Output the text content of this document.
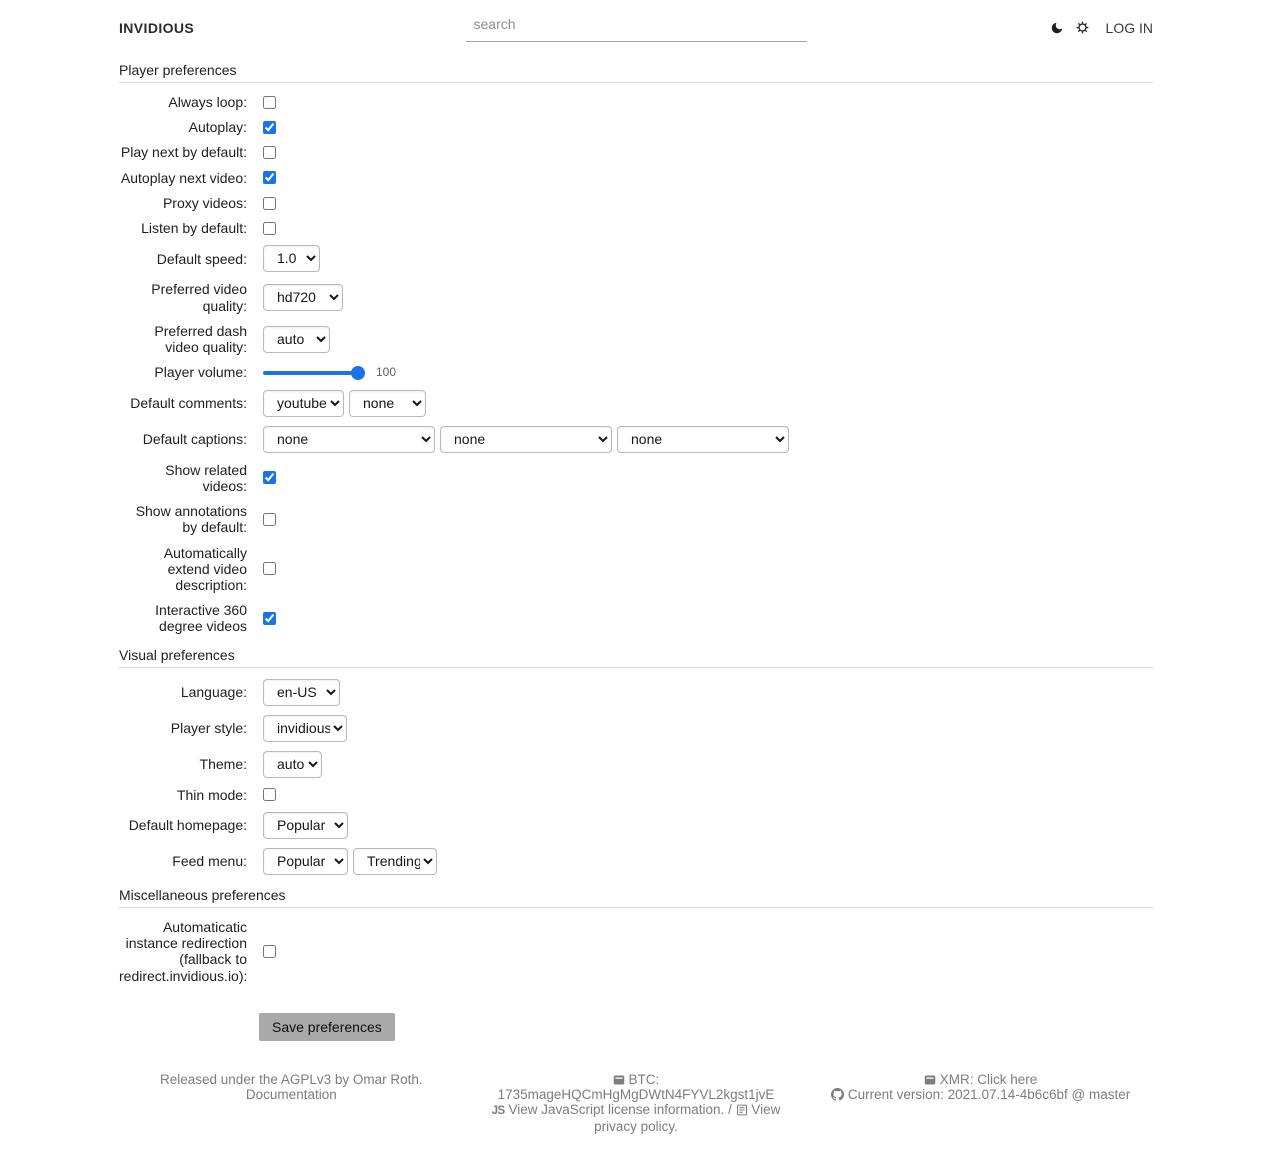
INVIDIOUS
search	LOG IN
Player preferences
Always loop:
Autoplay:
Play next by default:
Autoplay next video:
Proxy videos:
Listen by default:
Default speed:
1.0
Preferred video quality:
hd720
Preferred dash video quality:
auto
Player volume:	100
Default comments:
youtube
none
Default captions:
none
none
none
Show related videos:
Show annotations by default:
Automatically extend video description:
Interactive 360 degree videos
Visual preferences
Language:
en-US
Player style:
invidious
Theme:
auto
Thin mode:
Default homepage:
Popular
Feed menu:
Popular
Trending
Miscellaneous preferences
Automaticatic instance redirection (fallback to redirect.invidious.io):
Save preferences
Released under the AGPLv3 by Omar Roth.
Documentation
BTC: 1735mageHQCmHgMgDWtN4FYVL2kgst1jvE
JS View JavaScript license information. / View privacy policy.
XMR: Click here
Current version: 2021.07.14-4b6c6bf @ master
